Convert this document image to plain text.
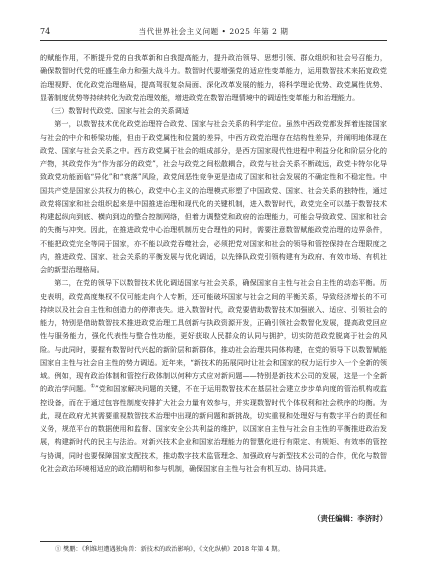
74	当代世界社会主义问题 • 2025 年第 2 期

的赋能作用，不断提升党的自我革新和自我提高能力，提升政治领导、思想引领、群众组织和社会号召能力，确保数智时代党的旺盛生命力和强大战斗力。数智时代要增强党的适应性变革能力，运用数智技术来拓宽政党治理视野、优化政党治理格局，提高驾驭复杂局面、深化改革发展的能力，将科学理论优势、政党属性优势、显著制度优势等持续转化为政党治理效能，增进政党在数智治理情境中的调适性变革能力和治理能力。

（三）数智时代政党、国家与社会的关系调适

第一，以数智技术优化政党治理符合政党、国家与社会关系的科学定位。虽然中西政党都发挥着连接国家与社会的中介和桥梁功能，但由于政党属性和位置的差异，中西方政党治理存在结构性差异，并阐明地体现在政党、国家与社会关系之中。西方政党属于社会的组成部分，是西方国家现代性进程中利益分化和阶层分化的产物，其政党作为“作为部分的政党”，社会与政党之间松散耦合，政党与社会关系不断疏远，政党卡特尔化导致政党功能面临“异化”和“衰落”风险，政党间恶性竞争更是造成了国家和社会发展的不确定性和不稳定性。中国共产党是国家公共权力的核心，政党中心主义的治理模式形塑了中国政党、国家、社会关系的独特性，通过政党将国家和社会组织起来是中国推进治理和现代化的关键机制，进入数智时代，政党完全可以基于数智技术构建起纵向到底、横向到边的整合控制网络，但着力调整党和政府的治理能力，可能会导致政党、国家和社会的失衡与冲突。因此，在推进政党中心治理机制历史合理性的同时，需要注意数智赋能政党治理的边界条件，不能把政党完全等同于国家，亦不能以政党吞噬社会，必须把党对国家和社会的领导和管控保持在合理限度之内，推进政党、国家、社会关系的平衡发展与优化调适，以先锋队政党引领构建有为政府、有效市场、有机社会的新型治理格局。

第二，在党的领导下以数智技术优化调适国家与社会关系，确保国家自主性与社会自主性的动态平衡。历史表明，政党高度集权不仅可能走向个人专断，还可能破坏国家与社会之间的平衡关系，导致经济增长的不可持续以及社会自主性和创造力的停滞丧失。进入数智时代，政党要借助数智技术加强嵌入、适应、引领社会的能力，特别是借助数智技术推进政党治理工具创新与执政资源开发，正确引领社会数智化发展，提高政党回应性与服务能力，强化代表性与整合性功能，更好获取人民群众的认同与拥护，切实防范政党脱离于社会的风险。与此同时，要握有数智时代兴起的新阶层和新群体，推动社会治理共同体构建，在党的领导下以数智赋能国家自主性与社会自主性的势力调适。近年来，“新技术的拓展同时让社会和国家的权力运行步入一个全新的领域。例如，现有政治体制和管控行政体制以何种方式应对新问题——特别是新技术公司的发展，这是一个全新的政治学问题。①”党和国家解决问题的关键，不在于运用数智技术在基层社会建立步步单向度的管治机构或监控设备，而在于通过包容性制度安排扩大社会力量有效参与，并实现数智时代个体权利和社会秩序的均衡。为此，现在政府尤其需要重视数智技术治理中出现的新问题和新挑战，切实重视和处理好与有数字平台的责任和义务，规范平台的数据使用和监督、国家安全公共利益的维护，以国家自主性与社会自主性的平衡推进政治发展，构建新时代的民主与法治。对新兴技术企业和国家治理能力的智慧化进行有限定、有规矩、有效率的管控与协调，同时也要保障国家支配技术，推动数字技术监管理念、加强政府与新型技术公司的合作，优化与数智化社会政治环境相适应的政治精明和参与机制，确保国家自主性与社会有机互动、协同共进。

（责任编辑：李济时）
① 樊鹏：《利维坦遭遇独角兽：新技术的政治影响》，《文化纵横》2018 年第 4 期。
